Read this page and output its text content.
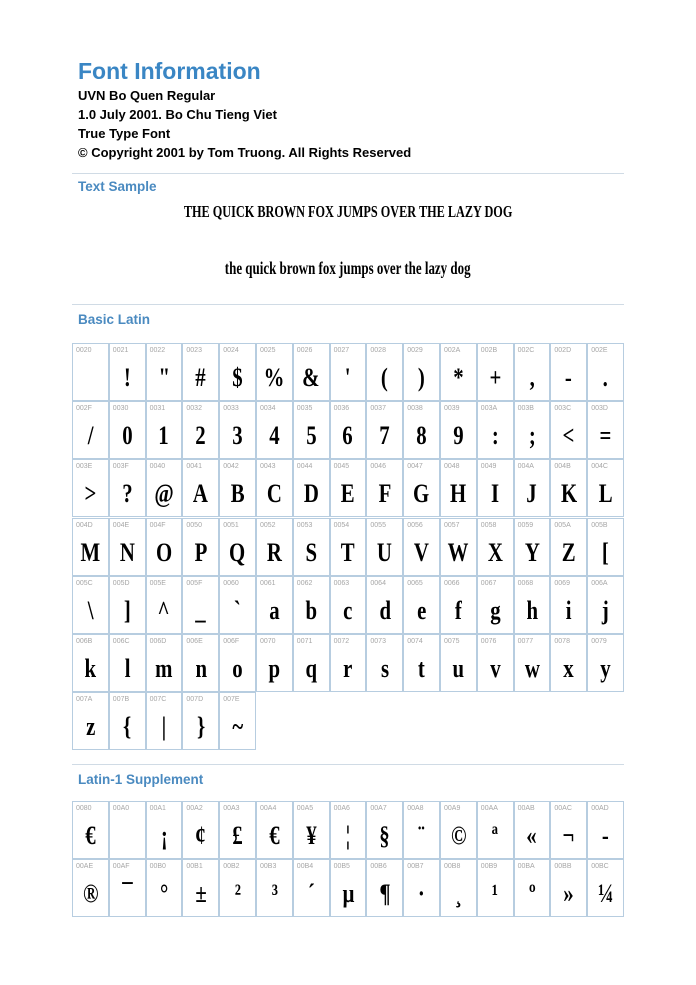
Font Information
UVN Bo Quen Regular
1.0 July 2001. Bo Chu Tieng Viet
True Type Font
© Copyright 2001 by Tom Truong. All Rights Reserved
Text Sample
THE QUICK BROWN FOX JUMPS OVER THE LAZY DOG
the quick brown fox jumps over the lazy dog
Basic Latin
0020	0021
!
0022
"
0023
#
0024
$
0025
%
0026
&
0027
'
0028
(
0029
)
002A
*
002B
+
002C
,
002D
-
002E
.
002F
/
0030
0
0031
1
0032
2
0033
3
0034
4
0035
5
0036
6
0037
7
0038
8
0039
9
003A
:
003B
;
003C
<
003D
=
003E
>
003F
?
0040
@
0041
A
0042
B
0043
C
0044
D
0045
E
0046
F
0047
G
0048
H
0049
I
004A
J
004B
K
004C
L
004D
M
004E
N
004F
O
0050
P
0051
Q
0052
R
0053
S
0054
T
0055
U
0056
V
0057
W
0058
X
0059
Y
005A
Z
005B
[
005C
\
005D
]
005E
^
005F
_
0060
`
0061
a
0062
b
0063
c
0064
d
0065
e
0066
f
0067
g
0068
h
0069
i
006A
j
006B
k
006C
l
006D
m
006E
n
006F
o
0070
p
0071
q
0072
r
0073
s
0074
t
0075
u
0076
v
0077
w
0078
x
0079
y
007A
z
007B
{
007C
|
007D
}
007E
~
Latin-1 Supplement
0080
€
00A0	00A1
¡
00A2
¢
00A3
£
00A4
€
00A5
¥
00A6
¦
00A7
§
00A8
¨
00A9
©
00AA
ª
00AB
«
00AC
¬
00AD
-
00AE
®
00AF
¯
00B0
°
00B1
±
00B2
²
00B3
³
00B4
´
00B5
µ
00B6
¶
00B7
·
00B8
¸
00B9
¹
00BA
º
00BB
»
00BC
¼
